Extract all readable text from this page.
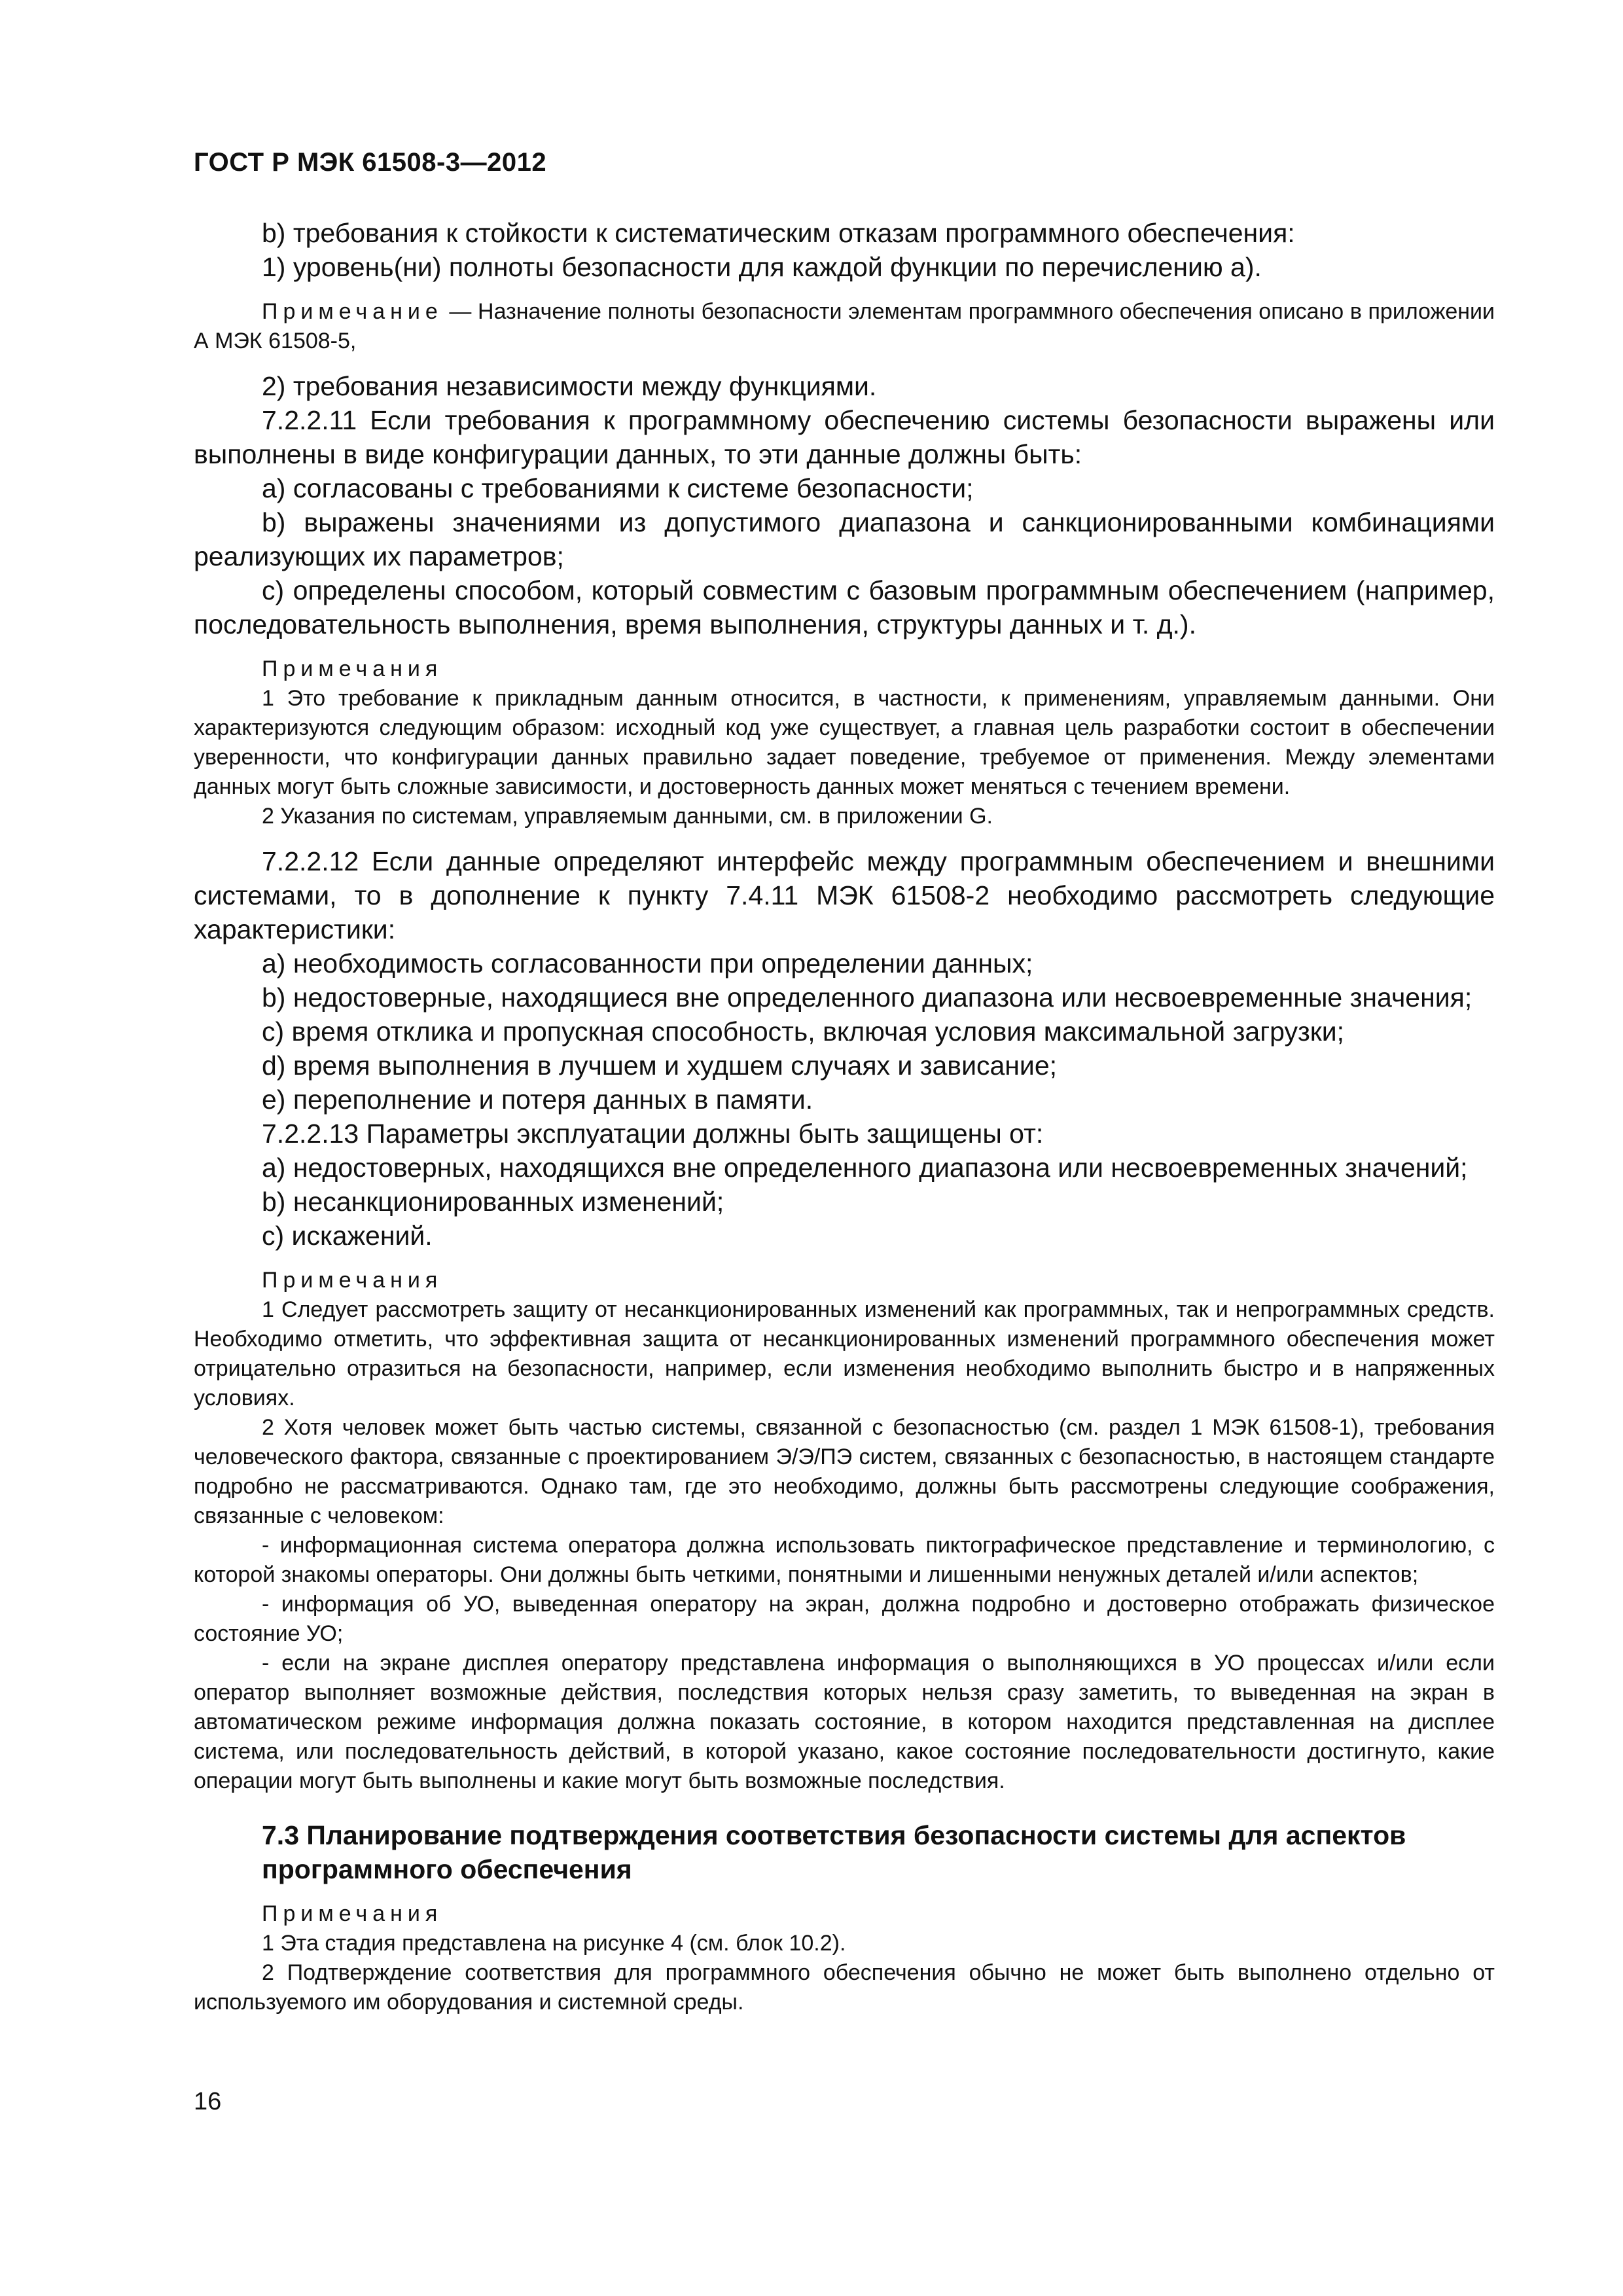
ГОСТ Р МЭК 61508-3—2012

b) требования к стойкости к систематическим отказам программного обеспечения:

1) уровень(ни) полноты безопасности для каждой функции по перечислению а).

Примечание — Назначение полноты безопасности элементам программного обеспечения описано в приложении А МЭК 61508-5,

2) требования независимости между функциями.

7.2.2.11 Если требования к программному обеспечению системы безопасности выражены или выполнены в виде конфигурации данных, то эти данные должны быть:

a) согласованы с требованиями к системе безопасности;

b) выражены значениями из допустимого диапазона и санкционированными комбинациями реализующих их параметров;

c) определены способом, который совместим с базовым программным обеспечением (например, последовательность выполнения, время выполнения, структуры данных и т. д.).

Примечания

1 Это требование к прикладным данным относится, в частности, к применениям, управляемым данными. Они характеризуются следующим образом: исходный код уже существует, а главная цель разработки состоит в обеспечении уверенности, что конфигурации данных правильно задает поведение, требуемое от применения. Между элементами данных могут быть сложные зависимости, и достоверность данных может меняться с течением времени.

2 Указания по системам, управляемым данными, см. в приложении G.

7.2.2.12 Если данные определяют интерфейс между программным обеспечением и внешними системами, то в дополнение к пункту 7.4.11 МЭК 61508-2 необходимо рассмотреть следующие характеристики:

a) необходимость согласованности при определении данных;

b) недостоверные, находящиеся вне определенного диапазона или несвоевременные значения;

c) время отклика и пропускная способность, включая условия максимальной загрузки;

d) время выполнения в лучшем и худшем случаях и зависание;

e) переполнение и потеря данных в памяти.

7.2.2.13 Параметры эксплуатации должны быть защищены от:

a) недостоверных, находящихся вне определенного диапазона или несвоевременных значений;

b) несанкционированных изменений;

c) искажений.

Примечания

1 Следует рассмотреть защиту от несанкционированных изменений как программных, так и непрограммных средств. Необходимо отметить, что эффективная защита от несанкционированных изменений программного обеспечения может отрицательно отразиться на безопасности, например, если изменения необходимо выполнить быстро и в напряженных условиях.

2 Хотя человек может быть частью системы, связанной с безопасностью (см. раздел 1 МЭК 61508-1), требования человеческого фактора, связанные с проектированием Э/Э/ПЭ систем, связанных с безопасностью, в настоящем стандарте подробно не рассматриваются. Однако там, где это необходимо, должны быть рассмотрены следующие соображения, связанные с человеком:

- информационная система оператора должна использовать пиктографическое представление и терминологию, с которой знакомы операторы. Они должны быть четкими, понятными и лишенными ненужных деталей и/или аспектов;

- информация об УО, выведенная оператору на экран, должна подробно и достоверно отображать физическое состояние УО;

- если на экране дисплея оператору представлена информация о выполняющихся в УО процессах и/или если оператор выполняет возможные действия, последствия которых нельзя сразу заметить, то выведенная на экран в автоматическом режиме информация должна показать состояние, в котором находится представленная на дисплее система, или последовательность действий, в которой указано, какое состояние последовательности достигнуто, какие операции могут быть выполнены и какие могут быть возможные последствия.

7.3 Планирование подтверждения соответствия безопасности системы для аспектов программного обеспечения

Примечания

1 Эта стадия представлена на рисунке 4 (см. блок 10.2).

2 Подтверждение соответствия для программного обеспечения обычно не может быть выполнено отдельно от используемого им оборудования и системной среды.

16
